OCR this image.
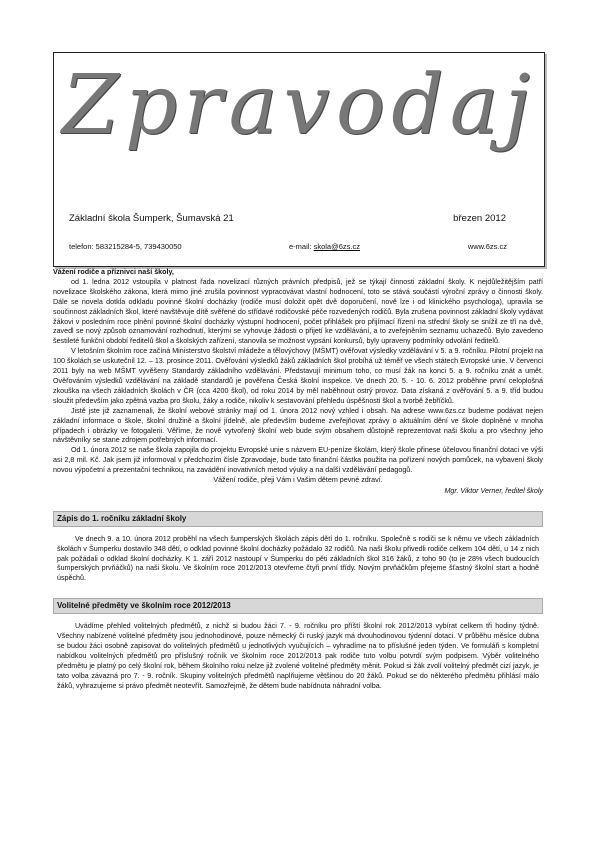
Zpravodaj
Základní škola Šumperk, Šumavská 21	březen 2012
telefon: 583215284-5, 739430050	e-mail: skola@6zs.cz	www.6zs.cz

Vážení rodiče a příznivci naší školy,

od 1. ledna 2012 vstoupila v platnost řada novelizací různých právních předpisů, jež se týkají činnosti základní školy. K nejdůležitějším patří novelizace školského zákona, která mimo jiné zrušila povinnost vypracovávat vlastní hodnocení, toto se stává součástí výroční zprávy o činnosti školy. Dále se novela dotkla odkladu povinné školní docházky (rodiče musí doložit opět dvě doporučení, nově lze i od klinického psychologa), upravila se součinnost základních škol, které navštěvuje dítě svěřené do střídavé rodičovské péče rozvedených rodičů. Byla zrušena povinnost základní školy vydávat žákovi v posledním roce plnění povinné školní docházky výstupní hodnocení, počet přihlášek pro přijímací řízení na střední školy se snížil ze tří na dvě, zavedl se nový způsob oznamování rozhodnutí, kterými se vyhovuje žádosti o přijetí ke vzdělávání, a to zveřejněním seznamu uchazečů. Bylo zavedeno šestileté funkční období ředitelů škol a školských zařízení, stanovila se možnost vypsání konkursů, byly upraveny podmínky odvolání ředitelů.

V letošním školním roce začíná Ministerstvo školství mládeže a tělovýchovy (MŠMT) ověřovat výsledky vzdělávání v 5. a 9. ročníku. Pilotní projekt na 100 školách se uskutečnil 12. – 13. prosince 2011. Ověřování výsledků žáků základních škol probíhá už téměř ve všech státech Evropské unie. V červenci 2011 byly na web MŠMT vyvěšeny Standardy základního vzdělávání. Představují minimum toho, co musí žák na konci 5. a 9. ročníku znát a umět. Ověřováním výsledků vzdělávání na základě standardů je pověřena Česká školní inspekce. Ve dnech 20. 5. - 10. 6. 2012 proběhne první celoplošná zkouška na všech základních školách v ČR (cca 4200 škol), od roku 2014 by měl naběhnout ostrý provoz. Data získaná z ověřování 5. a 9. tříd budou sloužit především jako zpětná vazba pro školu, žáky a rodiče, nikoliv k sestavování přehledu úspěšnosti škol a tvorbě žebříčků.

Jistě jste již zaznamenali, že školní webové stránky mají od 1. února 2012 nový vzhled i obsah. Na adrese www.6zs.cz budeme podávat nejen základní informace o škole, školní družině a školní jídelně, ale především budeme zveřejňovat zprávy o aktuálním dění ve škole doplněné v mnoha případech i obrázky ve fotogalerii. Věříme, že nově vytvořený školní web bude svým obsahem důstojně reprezentovat naši školu a pro všechny jeho návštěvníky se stane zdrojem potřebných informací.

Od 1. února 2012 se naše škola zapojila do projektu Evropské unie s názvem EU-peníze školám, který škole přinese účelovou finanční dotaci ve výši asi 2,8 mil. Kč. Jak jsem již informoval v předchozím čísle Zpravodaje, bude tato finanční částka použita na pořízení nových pomůcek, na vybavení školy novou výpočetní a prezentační technikou, na zavádění inovativních metod výuky a na další vzdělávání pedagogů.

Vážení rodiče, přeji Vám i Vašim dětem pevné zdraví.

Mgr. Viktor Verner, ředitel školy

Zápis do 1. ročníku základní školy

Ve dnech 9. a 10. února 2012 proběhl na všech šumperských školách zápis dětí do 1. ročníku. Společně s rodiči se k němu ve všech základních školách v Šumperku dostavilo 348 dětí, o odklad povinné školní docházky požádalo 32 rodičů. Na naši školu přivedli rodiče celkem 104 dětí, u 14 z nich pak požádali o odklad školní docházky. K 1. září 2012 nastoupí v Šumperku do pěti základních škol 316 žáků, z toho 90 (to je 28% všech budoucích šumperských prvňáčků) na naši školu. Ve školním roce 2012/2013 otevřeme čtyři první třídy. Novým prvňáčkům přejeme šťastný školní start a hodně úspěchů.

Volitelné předměty ve školním roce 2012/2013

Uvádíme přehled volitelných předmětů, z nichž si budou žáci 7. - 9. ročníku pro příští školní rok 2012/2013 vybírat celkem tři hodiny týdně. Všechny nabízené volitelné předměty jsou jednohodinové, pouze německý či ruský jazyk má dvouhodinovou týdenní dotaci. V průběhu měsíce dubna se budou žáci osobně zapisovat do volitelných předmětů u jednotlivých vyučujících – vyhradíme na to příslušné jeden týden. Ve formuláři s kompletní nabídkou volitelných předmětů pro příslušný ročník ve školním roce 2012/2013 pak rodiče tuto volbu potvrdí svým podpisem. Výběr volitelného předmětu je platný po celý školní rok, během školního roku nelze již zvolené volitelné předměty měnit. Pokud si žák zvolí volitelný předmět cizí jazyk, je tato volba závazná pro 7. - 9. ročník. Skupiny volitelných předmětů naplňujeme většinou do 20 žáků. Pokud se do některého předmětu přihlásí málo žáků, vyhrazujeme si právo předmět neotevřít. Samozřejmě, že dětem bude nabídnuta náhradní volba.
